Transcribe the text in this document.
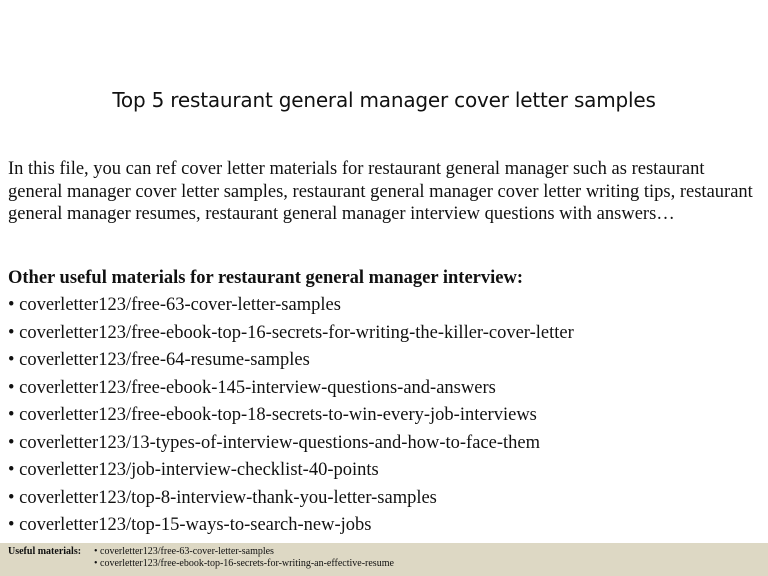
Top 5 restaurant general manager cover letter samples
In this file, you can ref cover letter materials for restaurant general manager such as restaurant general manager cover letter samples, restaurant general manager cover letter writing tips, restaurant general manager resumes, restaurant general manager interview questions with answers…
Other useful materials for restaurant general manager interview:
• coverletter123/free-63-cover-letter-samples
• coverletter123/free-ebook-top-16-secrets-for-writing-the-killer-cover-letter
• coverletter123/free-64-resume-samples
• coverletter123/free-ebook-145-interview-questions-and-answers
• coverletter123/free-ebook-top-18-secrets-to-win-every-job-interviews
• coverletter123/13-types-of-interview-questions-and-how-to-face-them
• coverletter123/job-interview-checklist-40-points
• coverletter123/top-8-interview-thank-you-letter-samples
• coverletter123/top-15-ways-to-search-new-jobs
Useful materials: • coverletter123/free-63-cover-letter-samples
• coverletter123/free-ebook-top-16-secrets-for-writing-an-effective-resume
